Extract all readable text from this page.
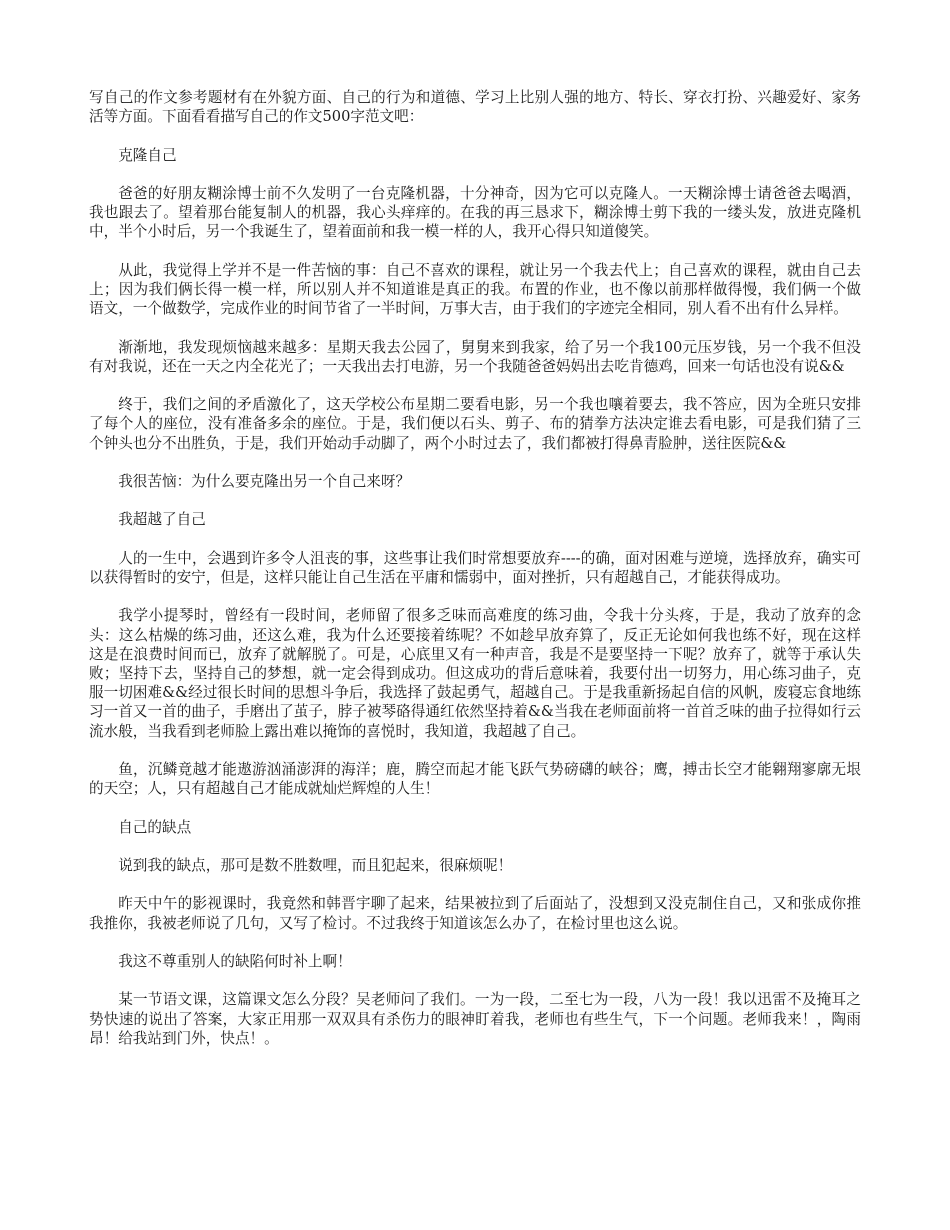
写自己的作文参考题材有在外貌方面、自己的行为和道德、学习上比别人强的地方、特长、穿衣打扮、兴趣爱好、家务活等方面。下面看看描写自己的作文500字范文吧：

克隆自己

爸爸的好朋友糊涂博士前不久发明了一台克隆机器，十分神奇，因为它可以克隆人。一天糊涂博士请爸爸去喝酒，我也跟去了。望着那台能复制人的机器，我心头痒痒的。在我的再三恳求下，糊涂博士剪下我的一缕头发，放进克隆机中，半个小时后，另一个我诞生了，望着面前和我一模一样的人，我开心得只知道傻笑。

从此，我觉得上学并不是一件苦恼的事：自己不喜欢的课程，就让另一个我去代上；自己喜欢的课程，就由自己去上；因为我们俩长得一模一样，所以别人并不知道谁是真正的我。布置的作业，也不像以前那样做得慢，我们俩一个做语文，一个做数学，完成作业的时间节省了一半时间，万事大吉，由于我们的字迹完全相同，别人看不出有什么异样。

渐渐地，我发现烦恼越来越多：星期天我去公园了，舅舅来到我家，给了另一个我100元压岁钱，另一个我不但没有对我说，还在一天之内全花光了；一天我出去打电游，另一个我随爸爸妈妈出去吃肯德鸡，回来一句话也没有说&&

终于，我们之间的矛盾激化了，这天学校公布星期二要看电影，另一个我也嚷着要去，我不答应，因为全班只安排了每个人的座位，没有准备多余的座位。于是，我们便以石头、剪子、布的猜拳方法决定谁去看电影，可是我们猜了三个钟头也分不出胜负，于是，我们开始动手动脚了，两个小时过去了，我们都被打得鼻青脸肿，送往医院&&

我很苦恼：为什么要克隆出另一个自己来呀？

我超越了自己

人的一生中，会遇到许多令人沮丧的事，这些事让我们时常想要放弃----的确，面对困难与逆境，选择放弃，确实可以获得暂时的安宁，但是，这样只能让自己生活在平庸和懦弱中，面对挫折，只有超越自己，才能获得成功。

我学小提琴时，曾经有一段时间，老师留了很多乏味而高难度的练习曲，令我十分头疼，于是，我动了放弃的念头：这么枯燥的练习曲，还这么难，我为什么还要接着练呢？不如趁早放弃算了，反正无论如何我也练不好，现在这样这是在浪费时间而已，放弃了就解脱了。可是，心底里又有一种声音，我是不是要坚持一下呢？放弃了，就等于承认失败；坚持下去，坚持自己的梦想，就一定会得到成功。但这成功的背后意味着，我要付出一切努力，用心练习曲子，克服一切困难&&经过很长时间的思想斗争后，我选择了鼓起勇气，超越自己。于是我重新扬起自信的风帆，废寝忘食地练习一首又一首的曲子，手磨出了茧子，脖子被琴硌得通红依然坚持着&&当我在老师面前将一首首乏味的曲子拉得如行云流水般，当我看到老师脸上露出难以掩饰的喜悦时，我知道，我超越了自己。

鱼，沉鳞竟越才能遨游汹涌澎湃的海洋；鹿，腾空而起才能飞跃气势磅礴的峡谷；鹰，搏击长空才能翱翔寥廓无垠的天空；人，只有超越自己才能成就灿烂辉煌的人生！

自己的缺点

说到我的缺点，那可是数不胜数哩，而且犯起来，很麻烦呢！

昨天中午的影视课时，我竟然和韩晋宇聊了起来，结果被拉到了后面站了，没想到又没克制住自己，又和张成你推我推你，我被老师说了几句，又写了检讨。不过我终于知道该怎么办了，在检讨里也这么说。

我这不尊重别人的缺陷何时补上啊！

某一节语文课，这篇课文怎么分段？吴老师问了我们。一为一段，二至七为一段，八为一段！我以迅雷不及掩耳之势快速的说出了答案，大家正用那一双双具有杀伤力的眼神盯着我，老师也有些生气，下一个问题。老师我来！，陶雨昂！给我站到门外，快点！。
